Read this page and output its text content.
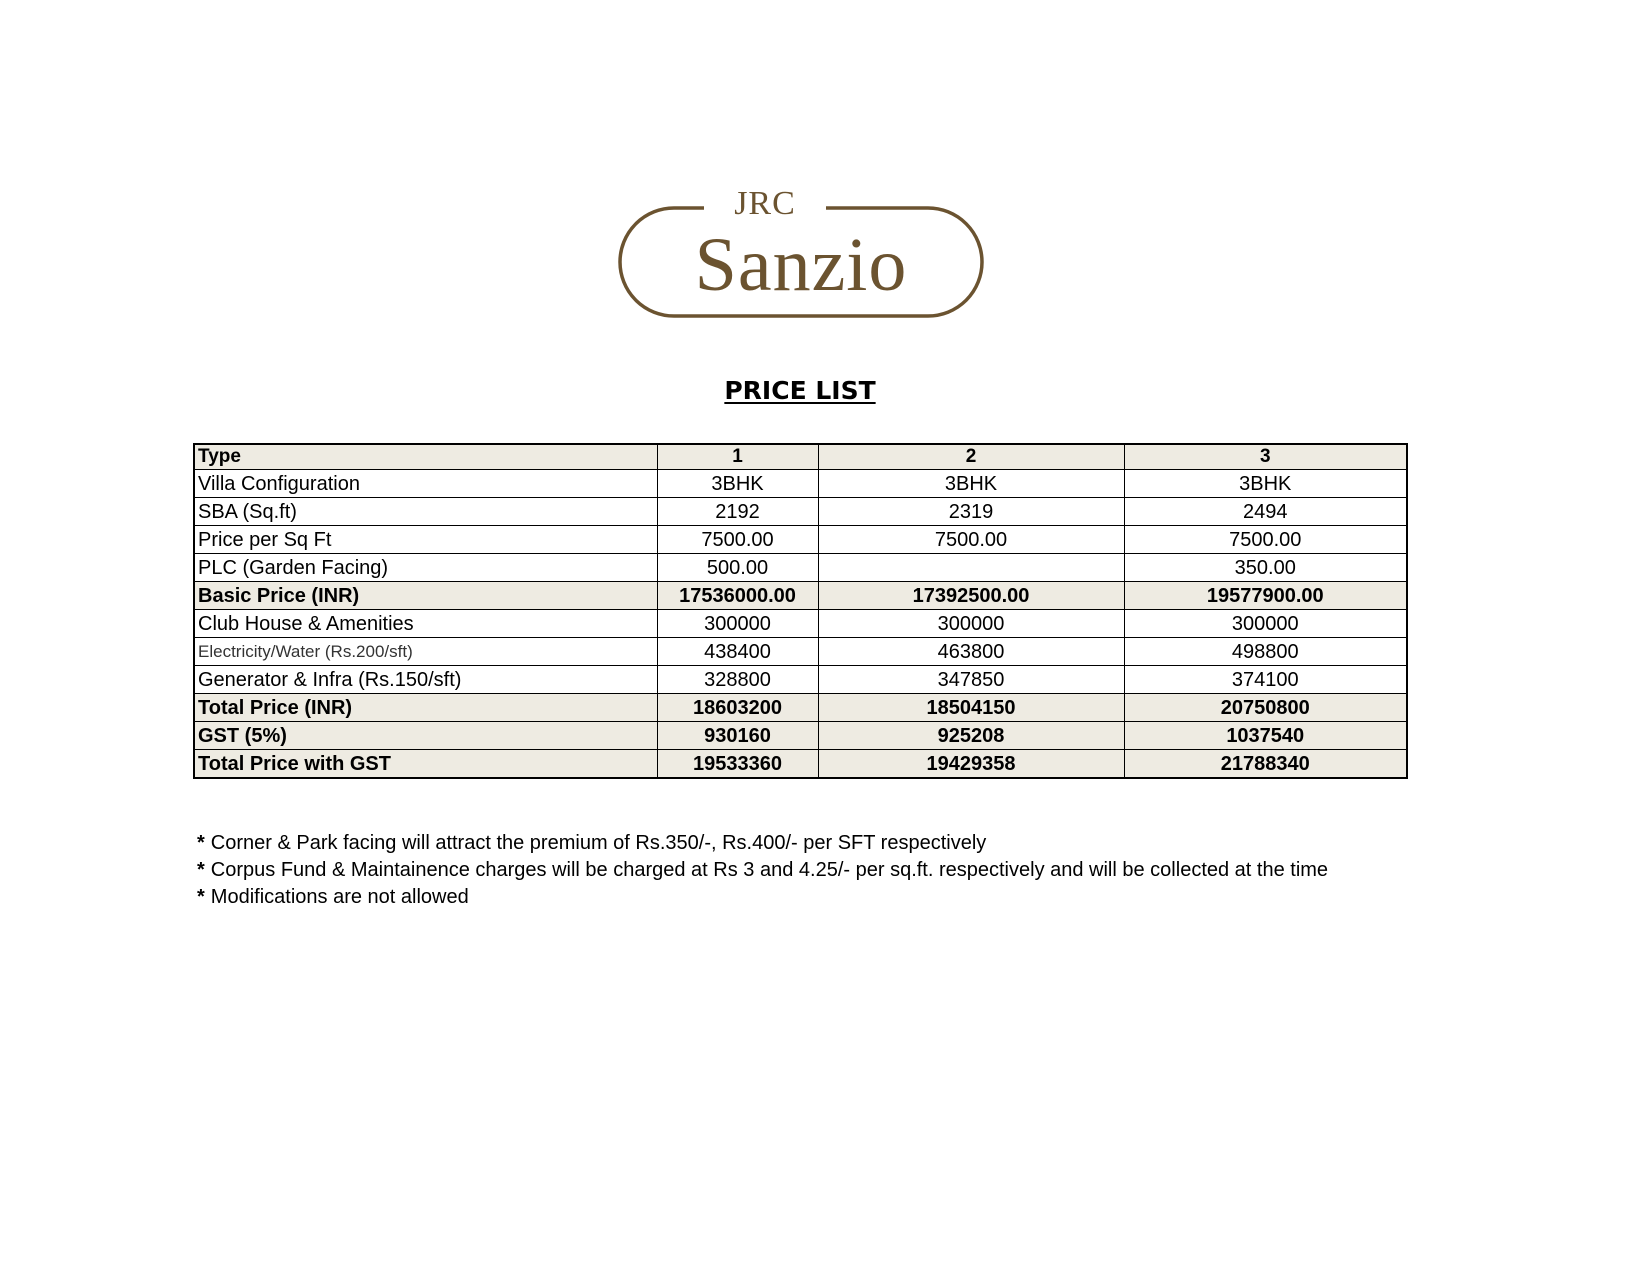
JRC
Sanzio
PRICE LIST
Type	1	2	3
Villa Configuration	3BHK	3BHK	3BHK
SBA (Sq.ft)	2192	2319	2494
Price per Sq Ft	7500.00	7500.00	7500.00
PLC (Garden Facing)	500.00		350.00
Basic Price (INR)	17536000.00	17392500.00	19577900.00
Club House & Amenities	300000	300000	300000
Electricity/Water (Rs.200/sft)	438400	463800	498800
Generator & Infra (Rs.150/sft)	328800	347850	374100
Total Price (INR)	18603200	18504150	20750800
GST (5%)	930160	925208	1037540
Total Price with GST	19533360	19429358	21788340
* Corner & Park facing will attract the premium of Rs.350/-, Rs.400/- per SFT respectively
* Corpus Fund & Maintainence charges will be charged at Rs 3 and 4.25/- per sq.ft. respectively and will be collected at the time
* Modifications are not allowed
